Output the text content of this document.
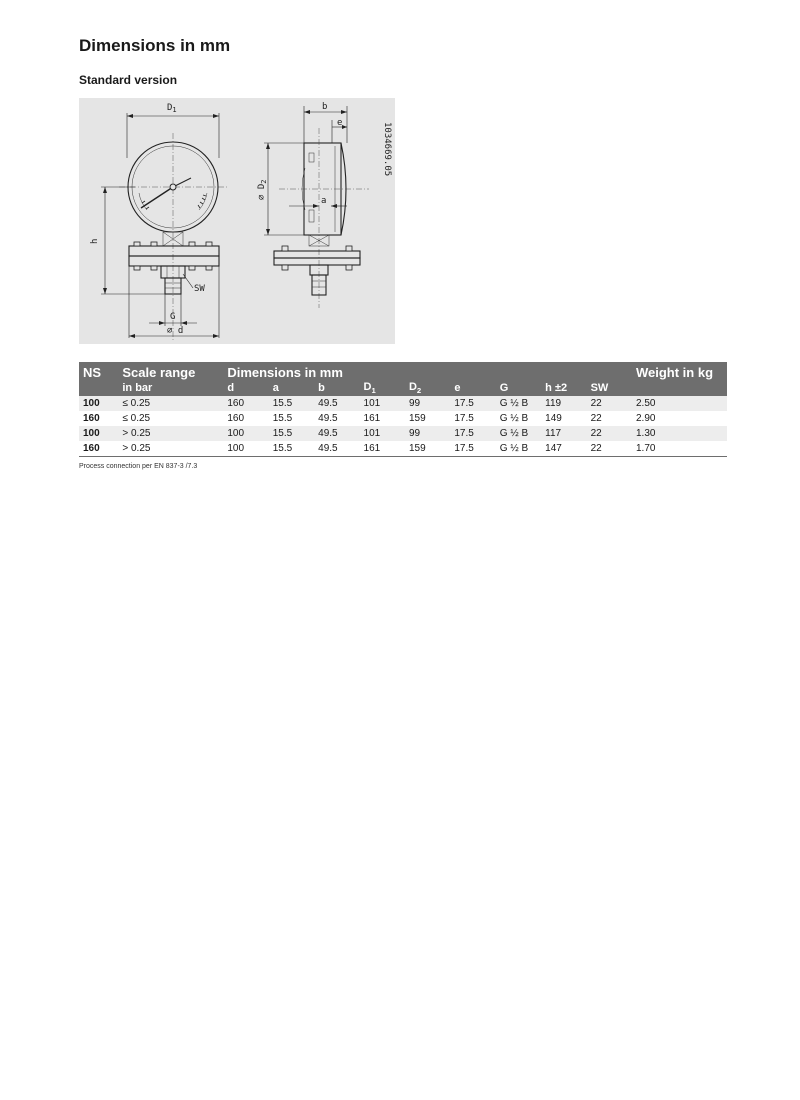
Dimensions in mm
Standard version
$D_1$
h
SW
G
⌀ d
b
e
⌀ $D_2$
a
1034669.05
NS	Scale range	Dimensions in mm									Weight in kg
	in bar	d	a	b	$D_1$	$D_2$	e	G	h ±2	SW	
100	≤ 0.25	160	15.5	49.5	101	99	17.5	G ½ B	119	22	2.50
160	≤ 0.25	160	15.5	49.5	161	159	17.5	G ½ B	149	22	2.90
100	> 0.25	100	15.5	49.5	101	99	17.5	G ½ B	117	22	1.30
160	> 0.25	100	15.5	49.5	161	159	17.5	G ½ B	147	22	1.70
Process connection per EN 837-3 /7.3
